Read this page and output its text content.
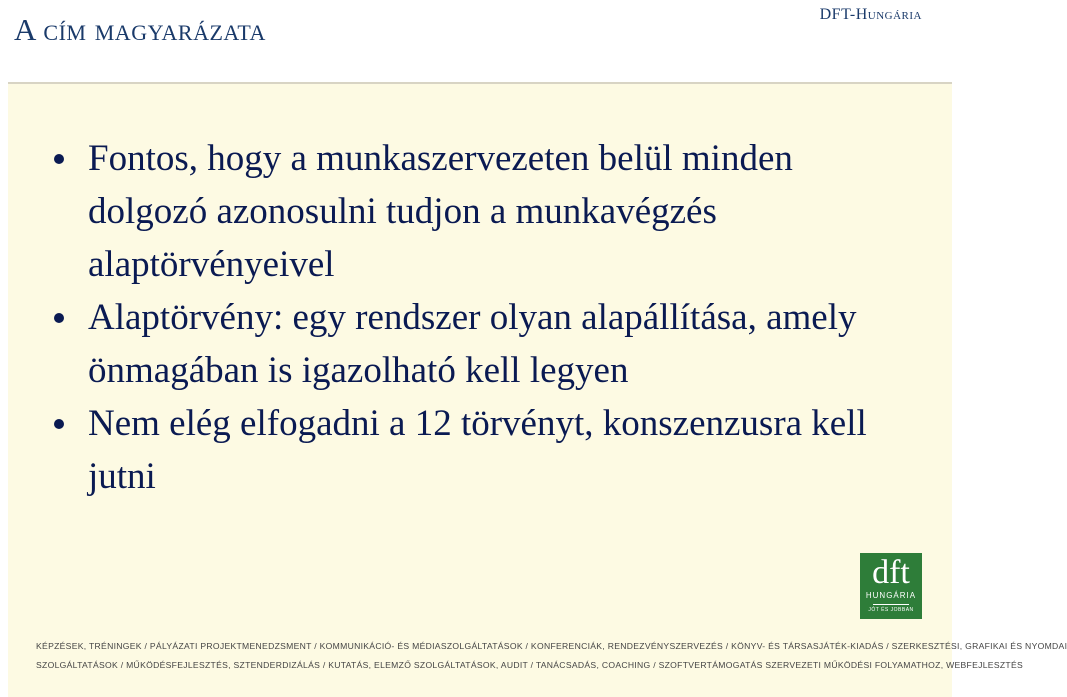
A cím magyarázata	DFT-Hungária
Fontos, hogy a munkaszervezeten belül minden dolgozó azonosulni tudjon a munkavégzés alaptörvényeivel
Alaptörvény: egy rendszer olyan alapállítása, amely önmagában is igazolható kell legyen
Nem elég elfogadni a 12 törvényt, konszenzusra kell jutni
dft
HUNGÁRIA
JÓT ÉS JOBBAN
KÉPZÉSEK, TRÉNINGEK / PÁLYÁZATI PROJEKTMENEDZSMENT / KOMMUNIKÁCIÓ- ÉS MÉDIASZOLGÁLTATÁSOK / KONFERENCIÁK, RENDEZVÉNYSZERVEZÉS / KÖNYV- ÉS TÁRSASJÁTÉK-KIADÁS / SZERKESZTÉSI, GRAFIKAI ÉS NYOMDAI
SZOLGÁLTATÁSOK / MŰKÖDÉSFEJLESZTÉS, SZTENDERDIZÁLÁS / KUTATÁS, ELEMZŐ SZOLGÁLTATÁSOK, AUDIT / TANÁCSADÁS, COACHING / SZOFTVERTÁMOGATÁS SZERVEZETI MŰKÖDÉSI FOLYAMATHOZ, WEBFEJLESZTÉS
